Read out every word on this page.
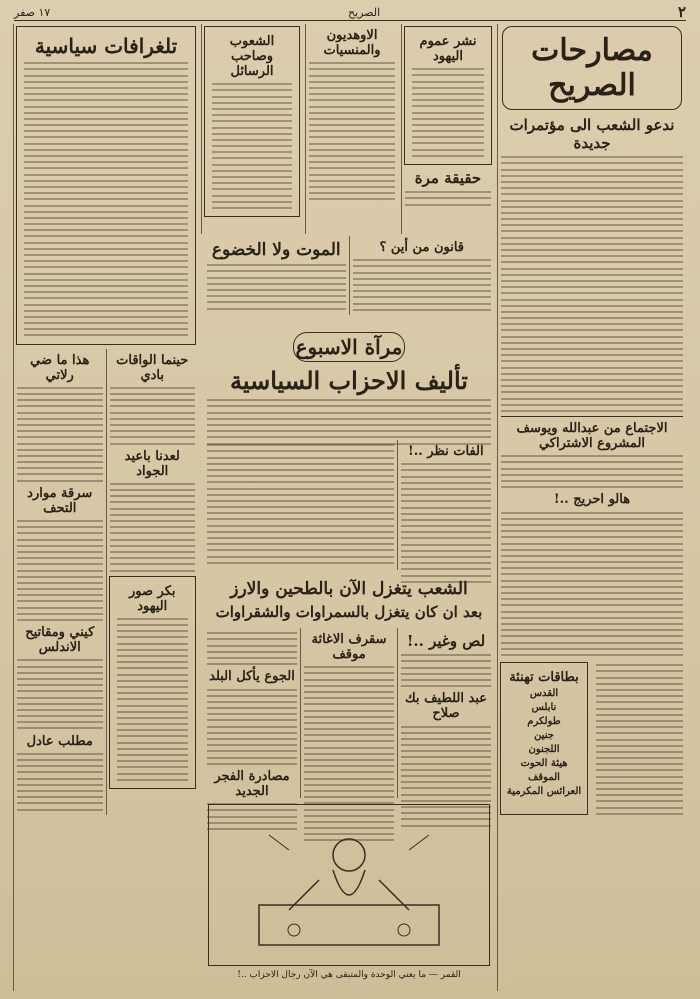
٢
الصريح
١٧ صفر
مصارحات الصريح
ندعو الشعب الى مؤتمرات جديدة
الاجتماع من عبدالله ويوسف المشروع الاشتراكي
هالو احريج ..!
بطاقات تهنئة
القدس
نابلس
طولكرم
جنين
اللجنون
هيئة الحوت
الموقف
العرائس المكرمية
الشعوب وصاحب الرسائل
الاوهديون والمنسيات
نشر عموم اليهود
حقيقة مرة
قانون من أين ؟
الموت ولا الخضوع
مرآة الاسبوع
تأليف الاحزاب السياسية
الفات نظر ..!
الشعب يتغزل الآن بالطحين والارز
بعد ان كان يتغزل بالسمراوات والشقراوات
لص وغير ..!
عبد اللطيف بك صلاح
سقرف الاغاثة موقف
الجوع يأكل البلد
مصادرة الفجر الجديد
القمر — ما يعني الوحدة والمتبقى هي الآن رجال الاحزاب ..!
تلغرافات سياسية
حينما الواقات بادي
لعدنا باعيد الجواد
بكر صور اليهود
هذا ما ضي رلاتي
سرقة موارد التحف
كيني ومقاتيح الاندلس
مطلب عادل
